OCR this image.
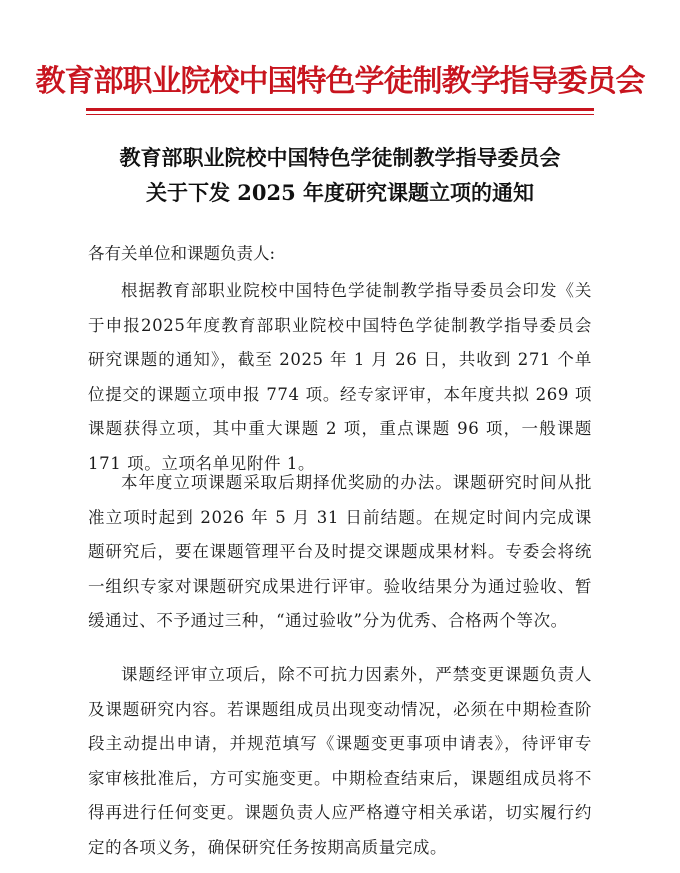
教育部职业院校中国特色学徒制教学指导委员会
教育部职业院校中国特色学徒制教学指导委员会
关于下发 2025 年度研究课题立项的通知
各有关单位和课题负责人:
根据教育部职业院校中国特色学徒制教学指导委员会印发《关于申报2025年度教育部职业院校中国特色学徒制教学指导委员会研究课题的通知》，截至 2025 年 1 月 26 日，共收到 271 个单位提交的课题立项申报 774 项。经专家评审，本年度共拟 269 项课题获得立项，其中重大课题 2 项，重点课题 96 项，一般课题 171 项。立项名单见附件 1。
本年度立项课题采取后期择优奖励的办法。课题研究时间从批准立项时起到 2026 年 5 月 31 日前结题。在规定时间内完成课题研究后，要在课题管理平台及时提交课题成果材料。专委会将统一组织专家对课题研究成果进行评审。验收结果分为通过验收、暂缓通过、不予通过三种，“通过验收”分为优秀、合格两个等次。
课题经评审立项后，除不可抗力因素外，严禁变更课题负责人及课题研究内容。若课题组成员出现变动情况，必须在中期检查阶段主动提出申请，并规范填写《课题变更事项申请表》，待评审专家审核批准后，方可实施变更。中期检查结束后，课题组成员将不得再进行任何变更。课题负责人应严格遵守相关承诺，切实履行约定的各项义务，确保研究任务按期高质量完成。
